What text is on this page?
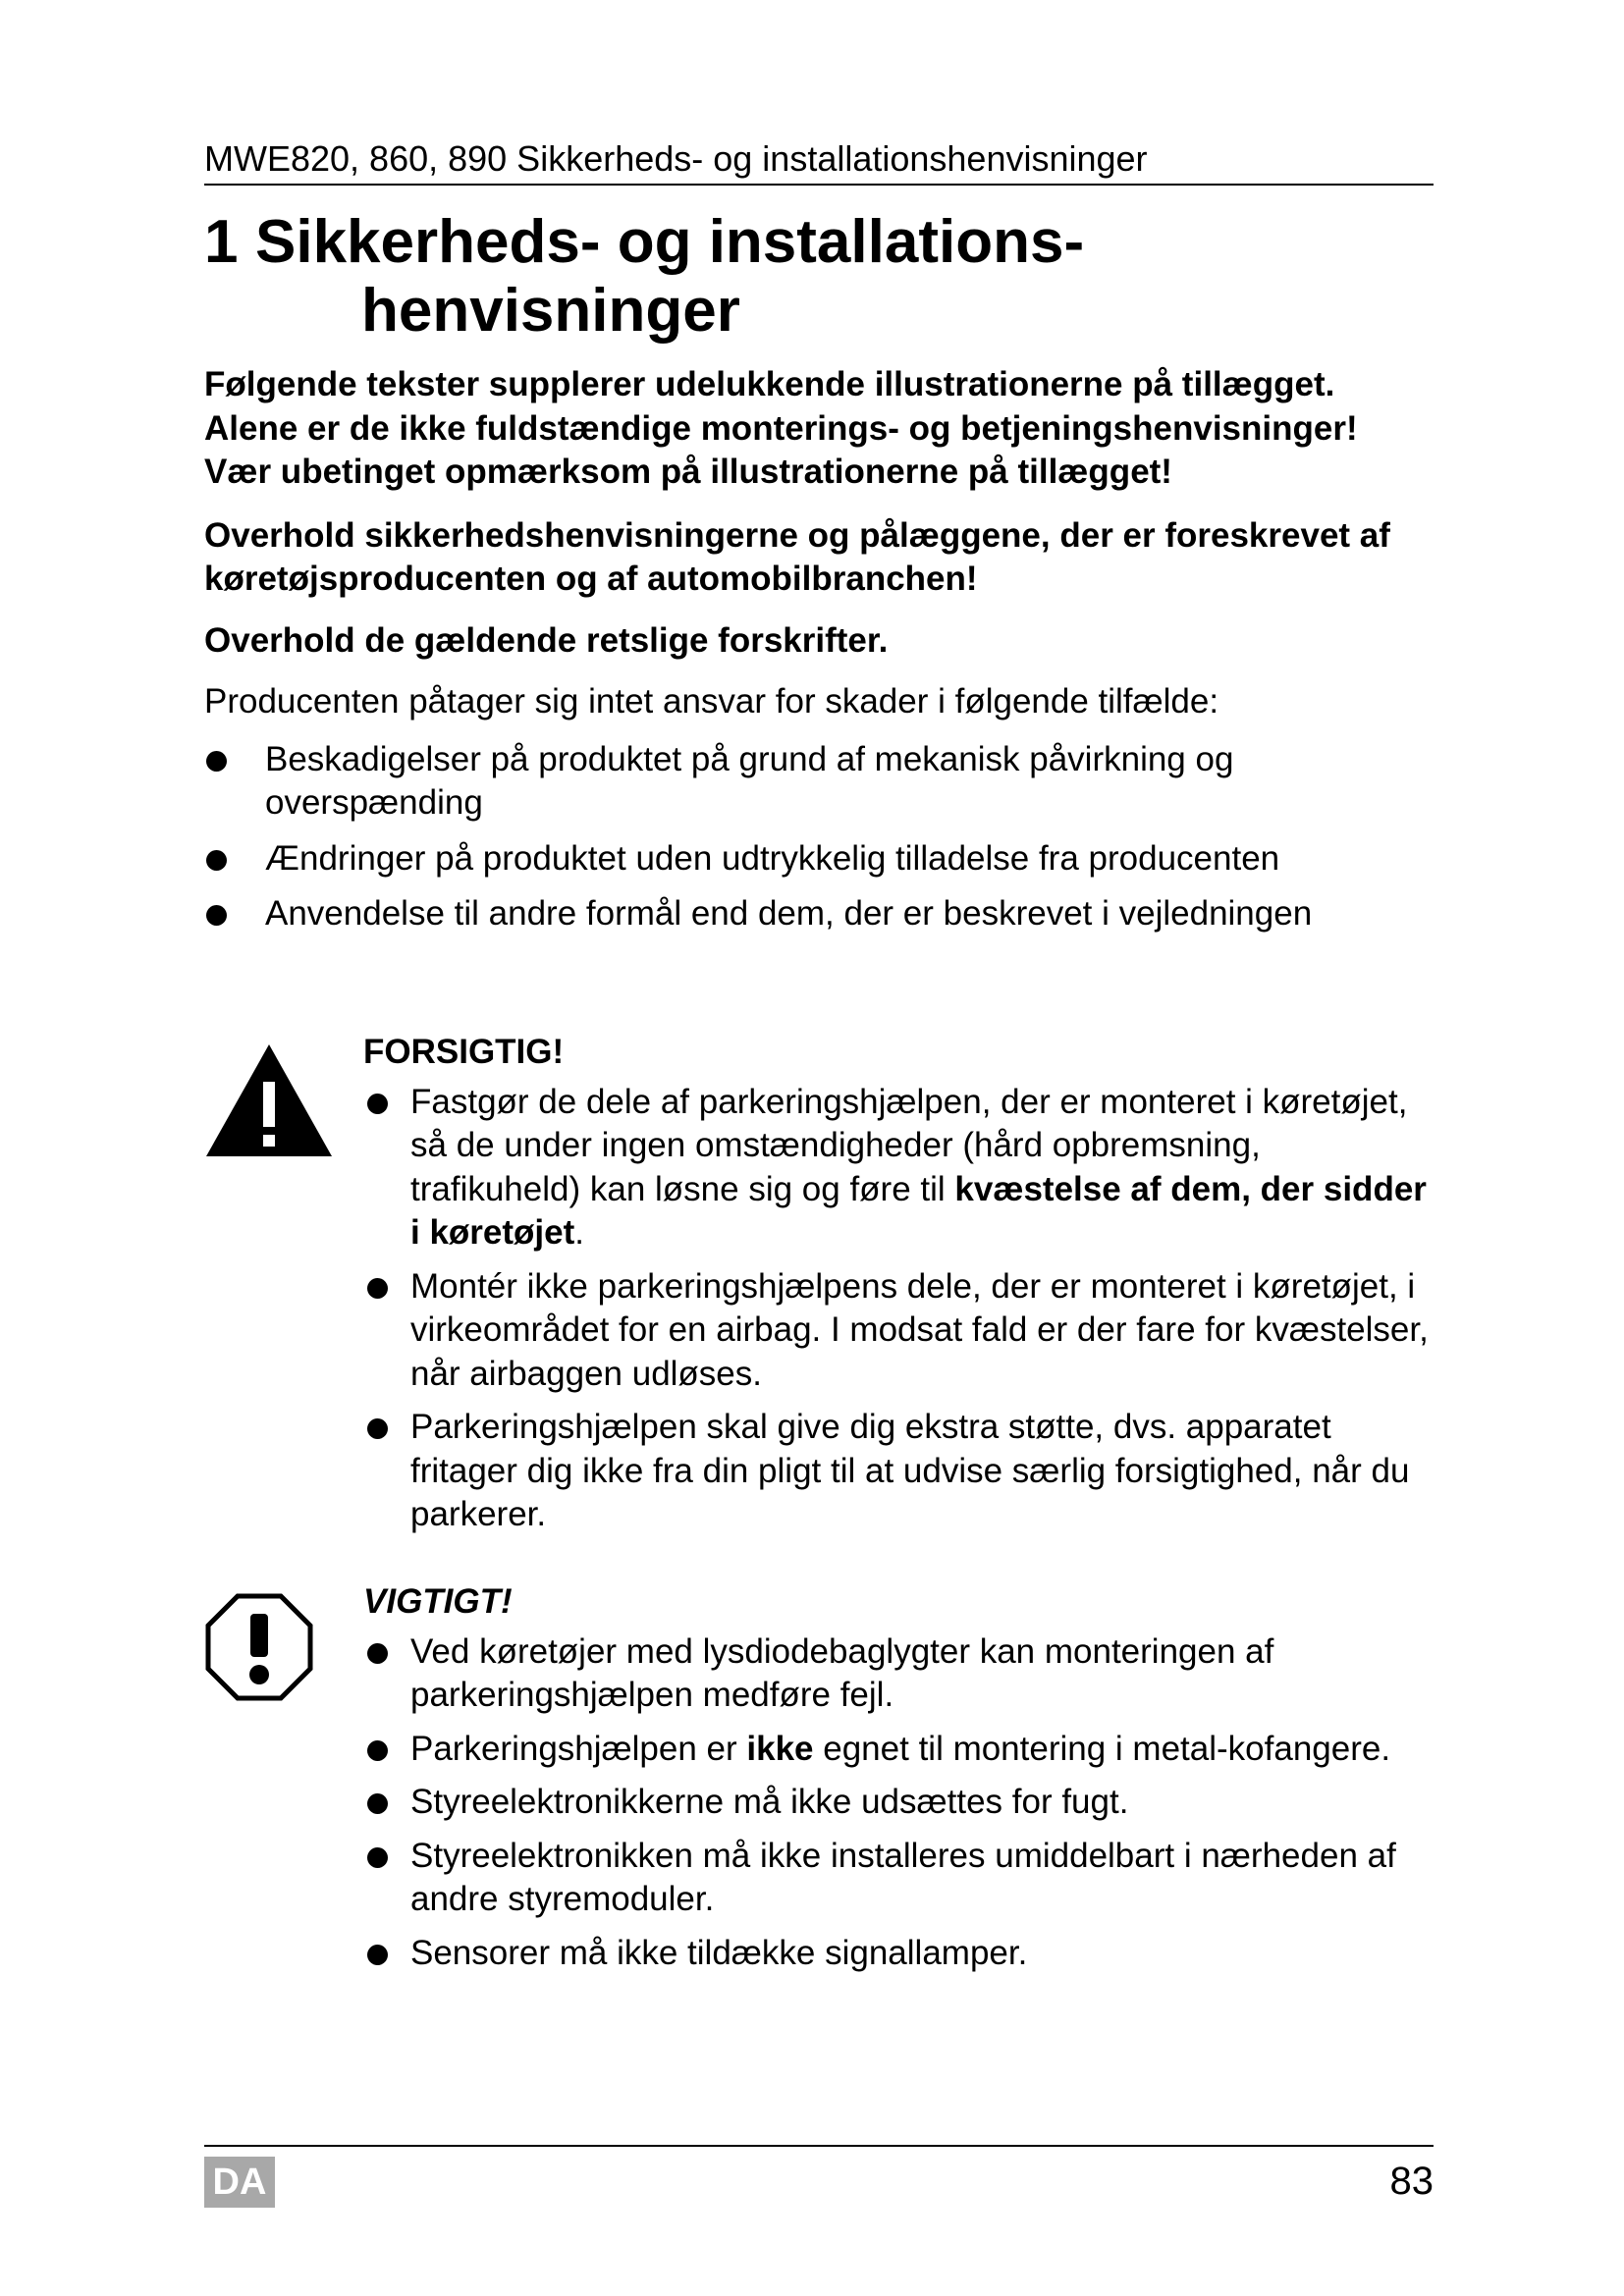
MWE820, 860, 890 Sikkerheds- og installationshenvisninger
1 Sikkerheds- og installations-
henvisninger

Følgende tekster supplerer udelukkende illustrationerne på tillægget. Alene er de ikke fuldstændige monterings- og betjeningshenvisninger! Vær ubetinget opmærksom på illustrationerne på tillægget!

Overhold sikkerhedshenvisningerne og pålæggene, der er foreskrevet af køretøjsproducenten og af automobilbranchen!

Overhold de gældende retslige forskrifter.

Producenten påtager sig intet ansvar for skader i følgende tilfælde:

Beskadigelser på produktet på grund af mekanisk påvirkning og overspænding
Ændringer på produktet uden udtrykkelig tilladelse fra producenten
Anvendelse til andre formål end dem, der er beskrevet i vejledningen

FORSIGTIG!

Fastgør de dele af parkeringshjælpen, der er monteret i køretøjet, så de under ingen omstændigheder (hård opbremsning, trafikuheld) kan løsne sig og føre til kvæstelse af dem, der sidder i køretøjet.
Montér ikke parkeringshjælpens dele, der er monteret i køretøjet, i virkeområdet for en airbag. I modsat fald er der fare for kvæstelser, når airbaggen udløses.
Parkeringshjælpen skal give dig ekstra støtte, dvs. apparatet fritager dig ikke fra din pligt til at udvise særlig forsigtighed, når du parkerer.

VIGTIGT!

Ved køretøjer med lysdiodebaglygter kan monteringen af parkeringshjælpen medføre fejl.
Parkeringshjælpen er ikke egnet til montering i metal-kofangere.
Styreelektronikkerne må ikke udsættes for fugt.
Styreelektronikken må ikke installeres umiddelbart i nærheden af andre styremoduler.
Sensorer må ikke tildække signallamper.
DA	83
